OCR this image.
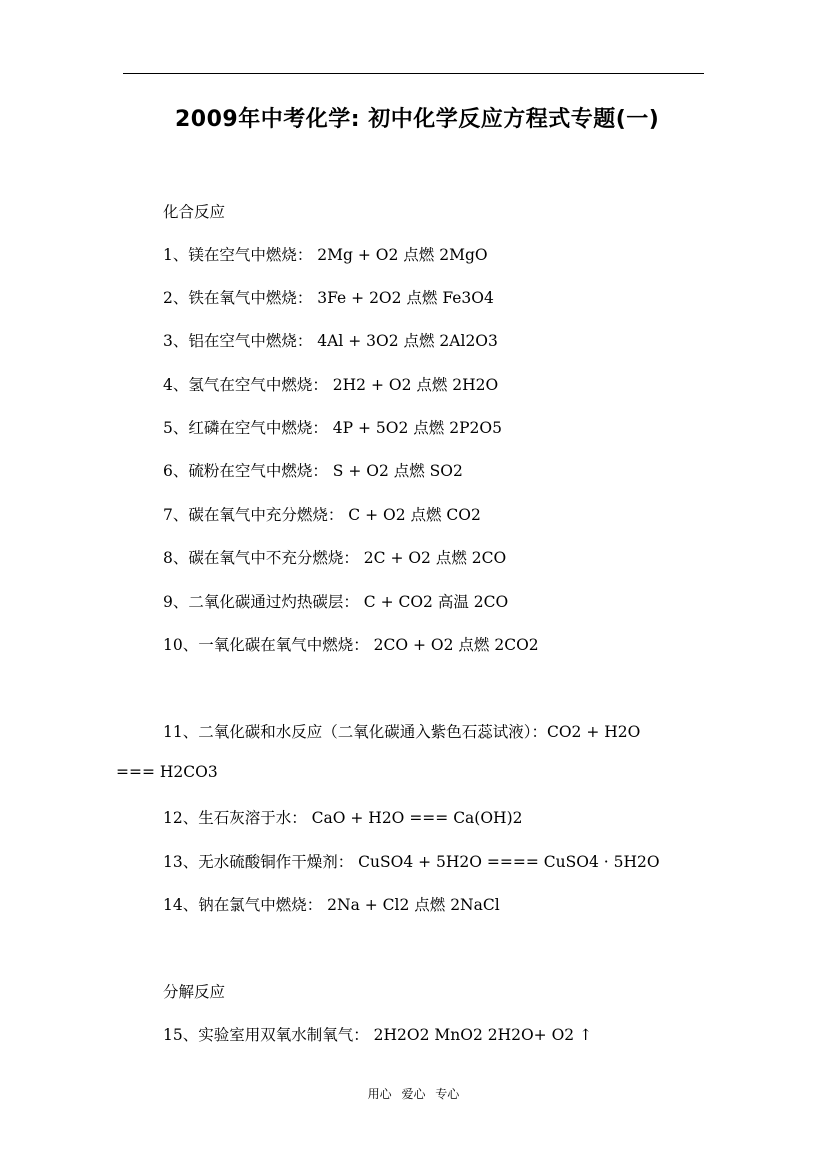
2009年中考化学: 初中化学反应方程式专题(一)
化合反应
1、镁在空气中燃烧： 2Mg + O2 点燃 2MgO
2、铁在氧气中燃烧： 3Fe + 2O2 点燃 Fe3O4
3、铝在空气中燃烧： 4Al + 3O2 点燃 2Al2O3
4、氢气在空气中燃烧： 2H2 + O2 点燃 2H2O
5、红磷在空气中燃烧： 4P + 5O2 点燃 2P2O5
6、硫粉在空气中燃烧： S + O2 点燃 SO2
7、碳在氧气中充分燃烧： C + O2 点燃 CO2
8、碳在氧气中不充分燃烧： 2C + O2 点燃 2CO
9、二氧化碳通过灼热碳层： C + CO2 高温 2CO
10、一氧化碳在氧气中燃烧： 2CO + O2 点燃 2CO2
11、二氧化碳和水反应（二氧化碳通入紫色石蕊试液）：CO2 + H2O
=== H2CO3
12、生石灰溶于水： CaO + H2O === Ca(OH)2
13、无水硫酸铜作干燥剂： CuSO4 + 5H2O ==== CuSO4 · 5H2O
14、钠在氯气中燃烧： 2Na + Cl2 点燃 2NaCl
分解反应
15、实验室用双氧水制氧气： 2H2O2 MnO2 2H2O+ O2 ↑
用心 爱心 专心
